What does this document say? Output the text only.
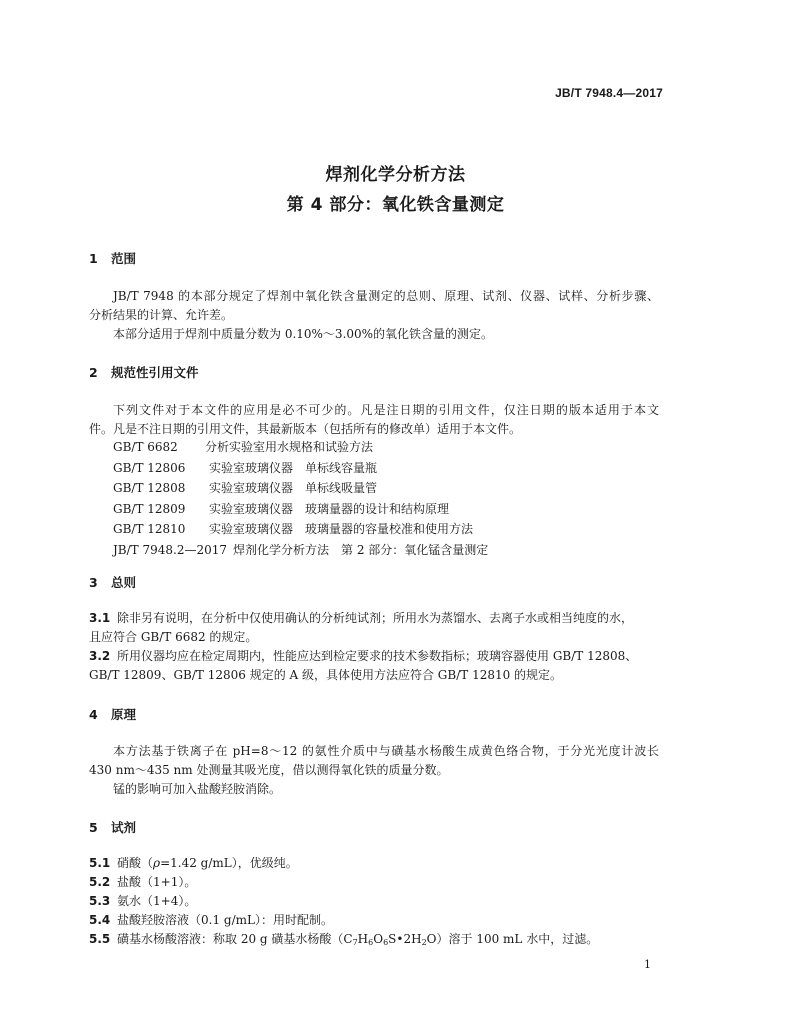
JB/T 7948.4—2017
焊剂化学分析方法
第 4 部分：氧化铁含量测定
1 范围
JB/T 7948 的本部分规定了焊剂中氧化铁含量测定的总则、原理、试剂、仪器、试样、分析步骤、
分析结果的计算、允许差。
本部分适用于焊剂中质量分数为 0.10%～3.00%的氧化铁含量的测定。
2 规范性引用文件
下列文件对于本文件的应用是必不可少的。凡是注日期的引用文件，仅注日期的版本适用于本文
件。凡是不注日期的引用文件，其最新版本（包括所有的修改单）适用于本文件。
GB/T 6682 分析实验室用水规格和试验方法
GB/T 12806 实验室玻璃仪器　单标线容量瓶
GB/T 12808 实验室玻璃仪器　单标线吸量管
GB/T 12809 实验室玻璃仪器　玻璃量器的设计和结构原理
GB/T 12810 实验室玻璃仪器　玻璃量器的容量校准和使用方法
JB/T 7948.2—2017 焊剂化学分析方法　第 2 部分：氧化锰含量测定
3 总则
3.1 除非另有说明，在分析中仅使用确认的分析纯试剂；所用水为蒸馏水、去离子水或相当纯度的水，
且应符合 GB/T 6682 的规定。
3.2 所用仪器均应在检定周期内，性能应达到检定要求的技术参数指标；玻璃容器使用 GB/T 12808、
GB/T 12809、GB/T 12806 规定的 A 级，具体使用方法应符合 GB/T 12810 的规定。
4 原理
本方法基于铁离子在 pH=8～12 的氨性介质中与磺基水杨酸生成黄色络合物，于分光光度计波长
430 nm～435 nm 处测量其吸光度，借以测得氧化铁的质量分数。
锰的影响可加入盐酸羟胺消除。
5 试剂
5.1 硝酸（ρ=1.42 g/mL），优级纯。
5.2 盐酸（1+1）。
5.3 氨水（1+4）。
5.4 盐酸羟胺溶液（0.1 g/mL）：用时配制。
5.5 磺基水杨酸溶液：称取 20 g 磺基水杨酸$(C_7H_6O_6S•2H_2O)$溶于 100 mL 水中，过滤。
1
